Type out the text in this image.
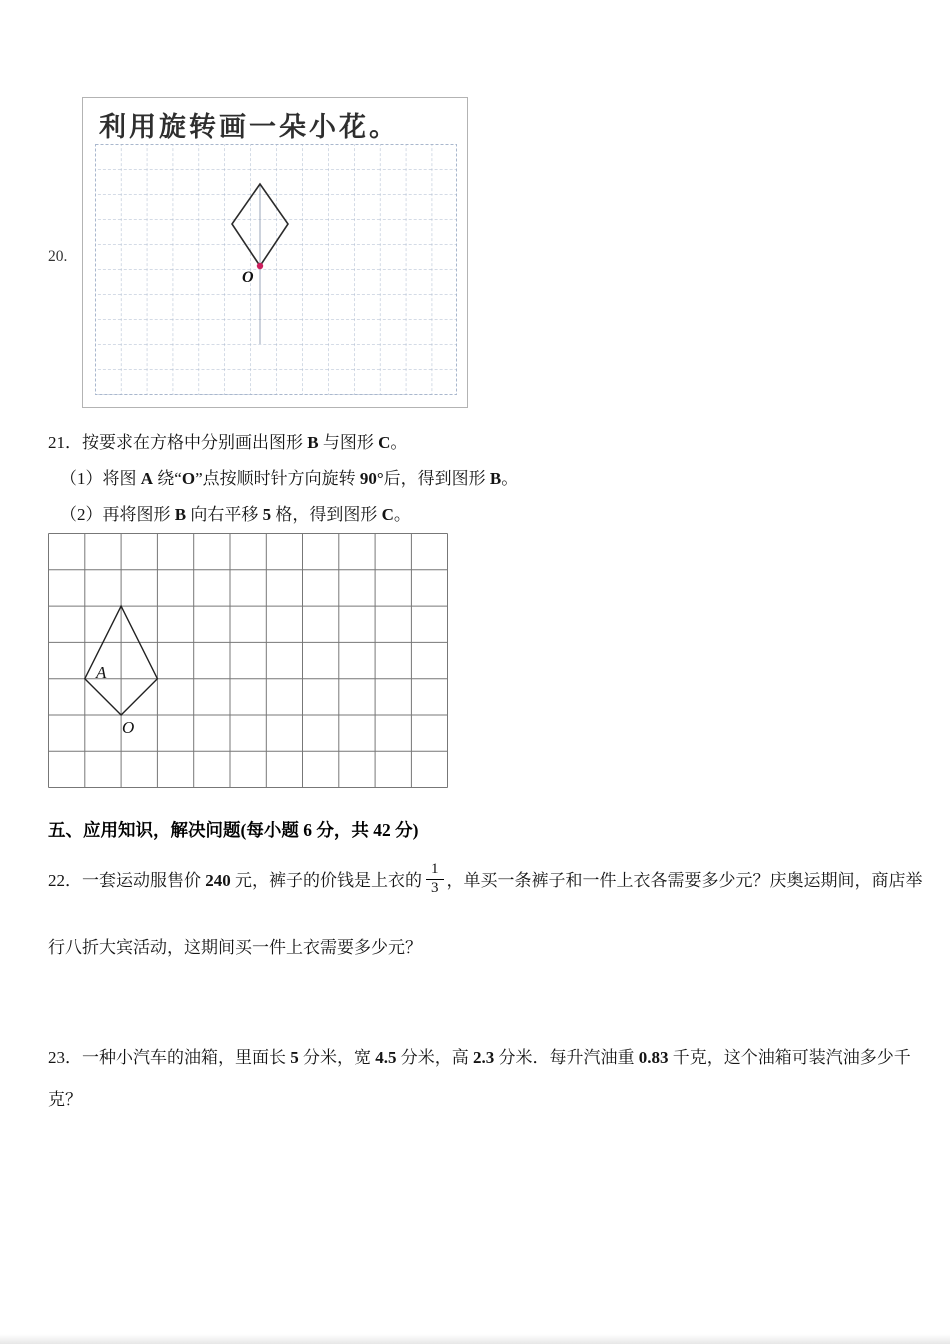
20.
利用旋转画一朵小花。
O
21．按要求在方格中分别画出图形 B 与图形 C。
（1）将图 A 绕“O”点按顺时针方向旋转 90°后，得到图形 B。
（2）再将图形 B 向右平移 5 格，得到图形 C。
A
O
五、应用知识，解决问题(每小题 6 分，共 42 分)
22．一套运动服售价 240 元，裤子的价钱是上衣的 $\frac{1}{3}$ ，单买一条裤子和一件上衣各需要多少元？庆奥运期间，商店举
行八折大宾活动，这期间买一件上衣需要多少元？
23．一种小汽车的油箱，里面长 5 分米，宽 4.5 分米，高 2.3 分米．每升汽油重 0.83 千克，这个油箱可装汽油多少千
克？
